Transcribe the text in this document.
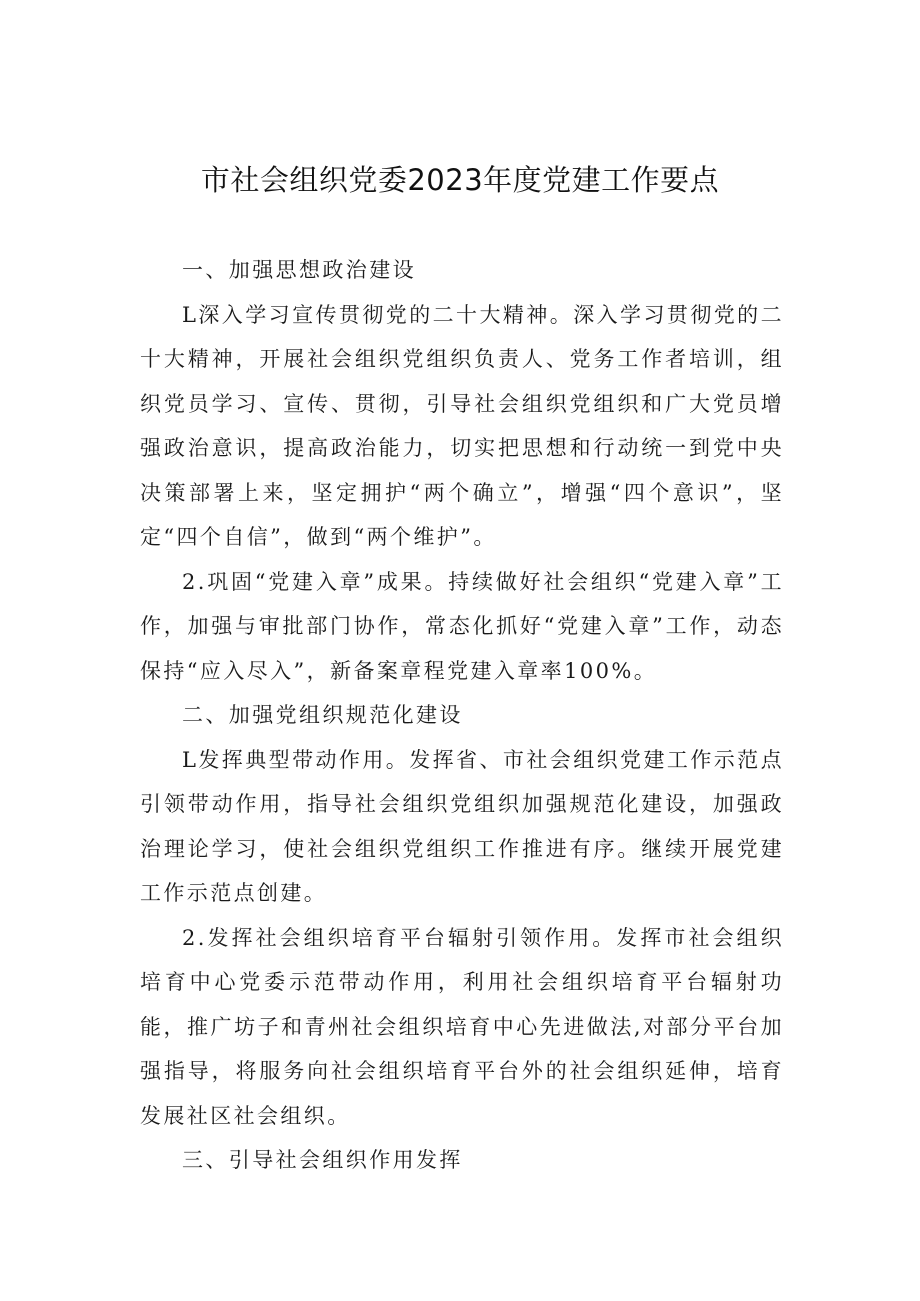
市社会组织党委2023年度党建工作要点

一、加强思想政治建设

L深入学习宣传贯彻党的二十大精神。深入学习贯彻党的二十大精神，开展社会组织党组织负责人、党务工作者培训，组织党员学习、宣传、贯彻，引导社会组织党组织和广大党员增强政治意识，提高政治能力，切实把思想和行动统一到党中央决策部署上来，坚定拥护“两个确立”，增强“四个意识”，坚定“四个自信”，做到“两个维护”。

2.巩固“党建入章”成果。持续做好社会组织“党建入章”工作，加强与审批部门协作，常态化抓好“党建入章”工作，动态保持“应入尽入”，新备案章程党建入章率100%。

二、加强党组织规范化建设

L发挥典型带动作用。发挥省、市社会组织党建工作示范点引领带动作用，指导社会组织党组织加强规范化建设，加强政治理论学习，使社会组织党组织工作推进有序。继续开展党建工作示范点创建。

2.发挥社会组织培育平台辐射引领作用。发挥市社会组织培育中心党委示范带动作用，利用社会组织培育平台辐射功能，推广坊子和青州社会组织培育中心先进做法,对部分平台加强指导，将服务向社会组织培育平台外的社会组织延伸，培育发展社区社会组织。

三、引导社会组织作用发挥
